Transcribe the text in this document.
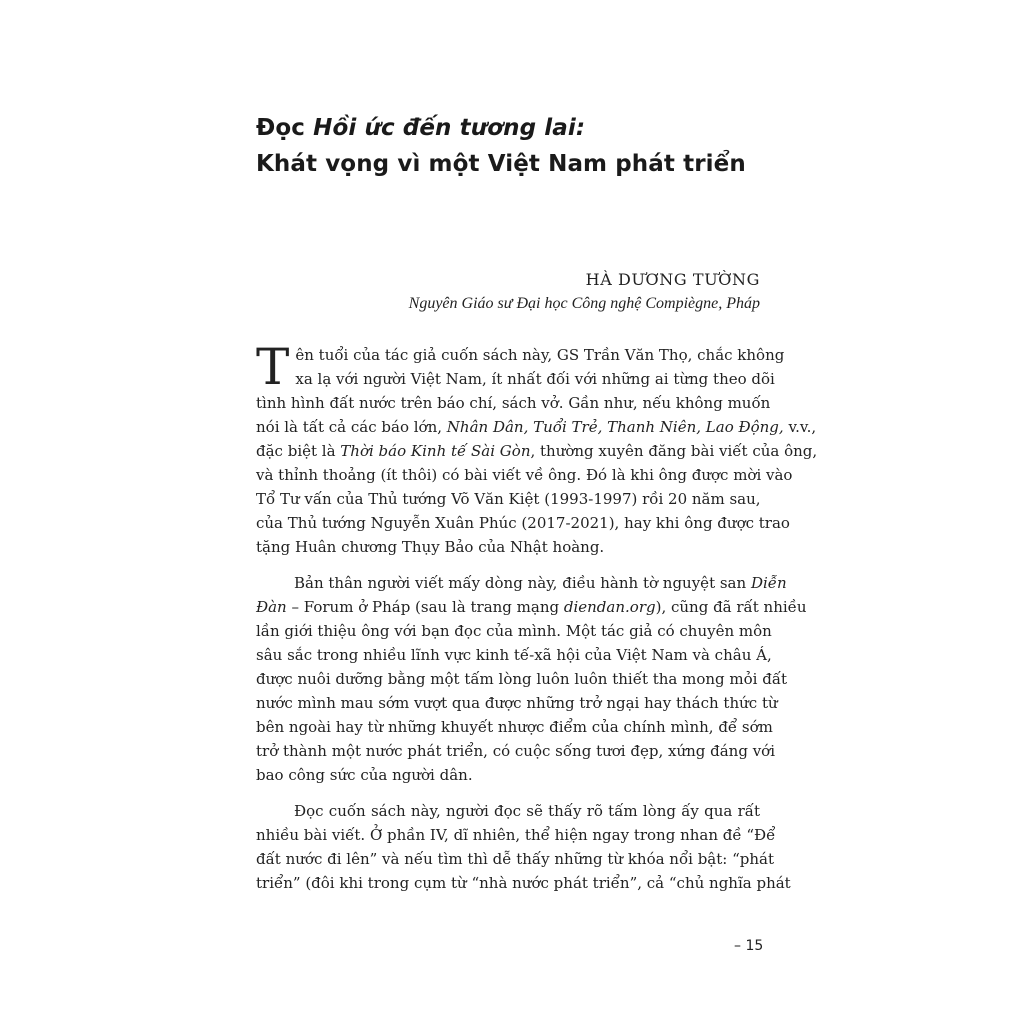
Đọc Hồi ức đến tương lai:
Khát vọng vì một Việt Nam phát triển
HÀ DƯƠNG TƯỜNG
Nguyên Giáo sư Đại học Công nghệ Compiègne, Pháp
T ên tuổi của tác giả cuốn sách này, GS Trần Văn Thọ, chắc không
xa lạ với người Việt Nam, ít nhất đối với những ai từng theo dõi
tình hình đất nước trên báo chí, sách vở. Gần như, nếu không muốn
nói là tất cả các báo lớn, Nhân Dân, Tuổi Trẻ, Thanh Niên, Lao Động, v.v.,
đặc biệt là Thời báo Kinh tế Sài Gòn, thường xuyên đăng bài viết của ông,
và thỉnh thoảng (ít thôi) có bài viết về ông. Đó là khi ông được mời vào
Tổ Tư vấn của Thủ tướng Võ Văn Kiệt (1993-1997) rồi 20 năm sau,
của Thủ tướng Nguyễn Xuân Phúc (2017-2021), hay khi ông được trao
tặng Huân chương Thụy Bảo của Nhật hoàng.
Bản thân người viết mấy dòng này, điều hành tờ nguyệt san Diễn
Đàn – Forum ở Pháp (sau là trang mạng diendan.org), cũng đã rất nhiều
lần giới thiệu ông với bạn đọc của mình. Một tác giả có chuyên môn
sâu sắc trong nhiều lĩnh vực kinh tế-xã hội của Việt Nam và châu Á,
được nuôi dưỡng bằng một tấm lòng luôn luôn thiết tha mong mỏi đất
nước mình mau sớm vượt qua được những trở ngại hay thách thức từ
bên ngoài hay từ những khuyết nhược điểm của chính mình, để sớm
trở thành một nước phát triển, có cuộc sống tươi đẹp, xứng đáng với
bao công sức của người dân.
Đọc cuốn sách này, người đọc sẽ thấy rõ tấm lòng ấy qua rất
nhiều bài viết. Ở phần IV, dĩ nhiên, thể hiện ngay trong nhan đề “Để
đất nước đi lên” và nếu tìm thì dễ thấy những từ khóa nổi bật: “phát
triển” (đôi khi trong cụm từ “nhà nước phát triển”, cả “chủ nghĩa phát
– 15
